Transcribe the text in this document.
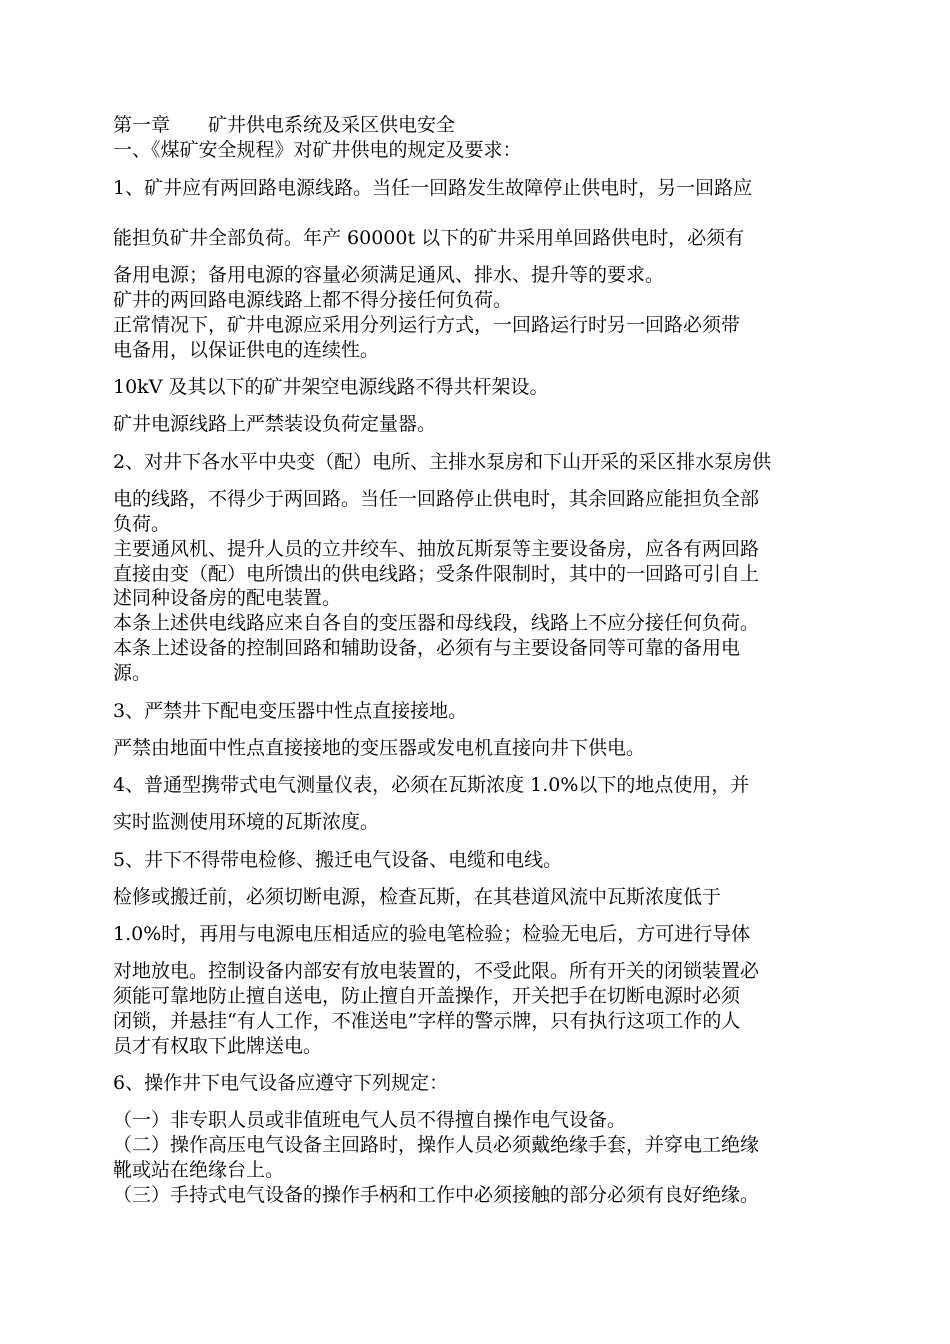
第一章　　矿井供电系统及采区供电安全
一、《煤矿安全规程》对矿井供电的规定及要求：
1、矿井应有两回路电源线路。当任一回路发生故障停止供电时，另一回路应
能担负矿井全部负荷。年产 60000t 以下的矿井采用单回路供电时，必须有
备用电源；备用电源的容量必须满足通风、排水、提升等的要求。
矿井的两回路电源线路上都不得分接任何负荷。
正常情况下，矿井电源应采用分列运行方式，一回路运行时另一回路必须带
电备用，以保证供电的连续性。
10kV 及其以下的矿井架空电源线路不得共杆架设。
矿井电源线路上严禁装设负荷定量器。
2、对井下各水平中央变（配）电所、主排水泵房和下山开采的采区排水泵房供
电的线路，不得少于两回路。当任一回路停止供电时，其余回路应能担负全部
负荷。
主要通风机、提升人员的立井绞车、抽放瓦斯泵等主要设备房，应各有两回路
直接由变（配）电所馈出的供电线路；受条件限制时，其中的一回路可引自上
述同种设备房的配电装置。
本条上述供电线路应来自各自的变压器和母线段，线路上不应分接任何负荷。
本条上述设备的控制回路和辅助设备，必须有与主要设备同等可靠的备用电
源。
3、严禁井下配电变压器中性点直接接地。
严禁由地面中性点直接接地的变压器或发电机直接向井下供电。
4、普通型携带式电气测量仪表，必须在瓦斯浓度 1.0%以下的地点使用，并
实时监测使用环境的瓦斯浓度。
5、井下不得带电检修、搬迁电气设备、电缆和电线。
检修或搬迁前，必须切断电源，检查瓦斯，在其巷道风流中瓦斯浓度低于
1.0%时，再用与电源电压相适应的验电笔检验；检验无电后，方可进行导体
对地放电。控制设备内部安有放电装置的，不受此限。所有开关的闭锁装置必
须能可靠地防止擅自送电，防止擅自开盖操作，开关把手在切断电源时必须
闭锁，并悬挂“有人工作，不准送电”字样的警示牌，只有执行这项工作的人
员才有权取下此牌送电。
6、操作井下电气设备应遵守下列规定：
（一）非专职人员或非值班电气人员不得擅自操作电气设备。
（二）操作高压电气设备主回路时，操作人员必须戴绝缘手套，并穿电工绝缘
靴或站在绝缘台上。
（三）手持式电气设备的操作手柄和工作中必须接触的部分必须有良好绝缘。
